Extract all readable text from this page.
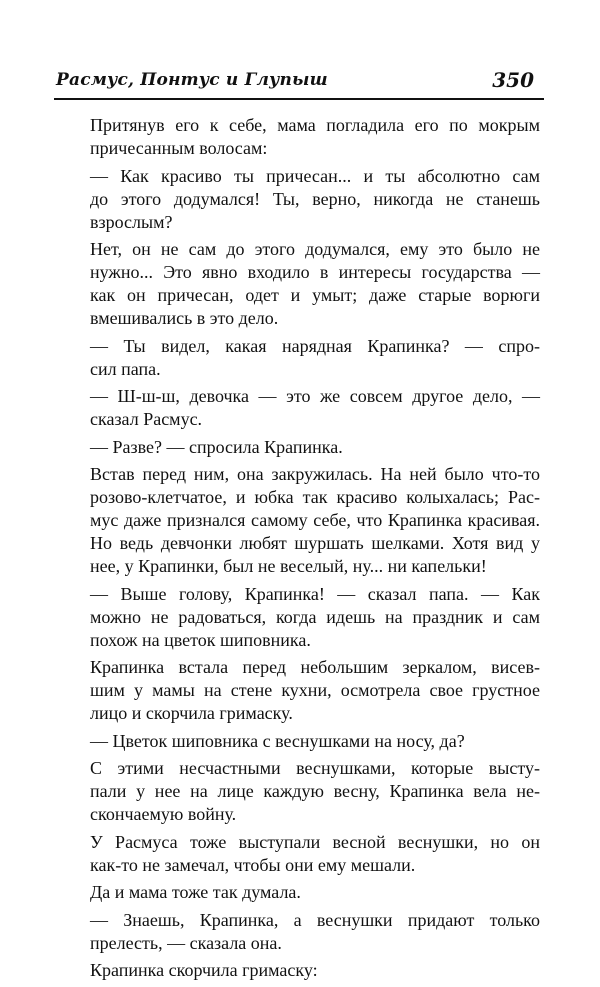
Расмус, Понтус и Глупыш	350

Притянув его к себе, мама погладила его по мокрым
причесанным волосам:

— Как красиво ты причесан... и ты абсолютно сам
до этого додумался! Ты, верно, никогда не станешь
взрослым?

Нет, он не сам до этого додумался, ему это было не
нужно... Это явно входило в интересы государства —
как он причесан, одет и умыт; даже старые ворюги
вмешивались в это дело.

— Ты видел, какая нарядная Крапинка? — спро-
сил папа.

— Ш-ш-ш, девочка — это же совсем другое дело, —
сказал Расмус.

— Разве? — спросила Крапинка.

Встав перед ним, она закружилась. На ней было что-то
розово-клетчатое, и юбка так красиво колыхалась; Рас-
мус даже признался самому себе, что Крапинка красивая.
Но ведь девчонки любят шуршать шелками. Хотя вид у
нее, у Крапинки, был не веселый, ну... ни капельки!

— Выше голову, Крапинка! — сказал папа. — Как
можно не радоваться, когда идешь на праздник и сам
похож на цветок шиповника.

Крапинка встала перед небольшим зеркалом, висев-
шим у мамы на стене кухни, осмотрела свое грустное
лицо и скорчила гримаску.

— Цветок шиповника с веснушками на носу, да?

С этими несчастными веснушками, которые высту-
пали у нее на лице каждую весну, Крапинка вела не-
скончаемую войну.

У Расмуса тоже выступали весной веснушки, но он
как-то не замечал, чтобы они ему мешали.

Да и мама тоже так думала.

— Знаешь, Крапинка, а веснушки придают только
прелесть, — сказала она.

Крапинка скорчила гримаску:
